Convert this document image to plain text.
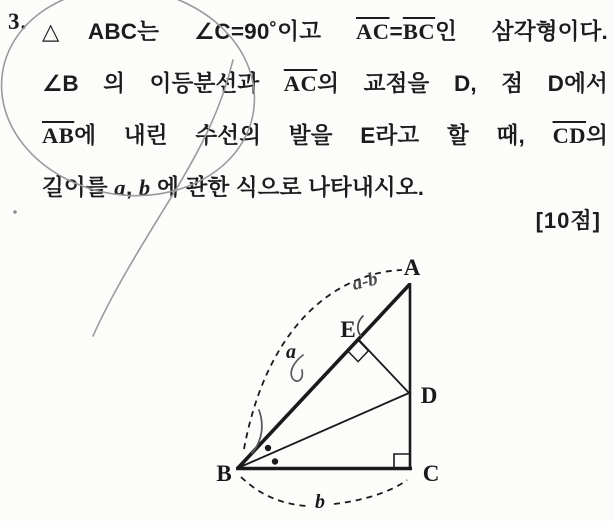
3. △ABC는 ∠C=90˚이고 $\overline{AC}=\overline{BC}$인 삼각형이다.
∠B 의 이등분선과 $\overline{AC}$의 교점을 D, 점 D에서
$\overline{AB}$에 내린 수선의 발을 E라고 할 때, $\overline{CD}$의
길이를 a, b 에 관한 식으로 나타내시오.
[10점]
A
B	C
D
E
a
b
a-b
